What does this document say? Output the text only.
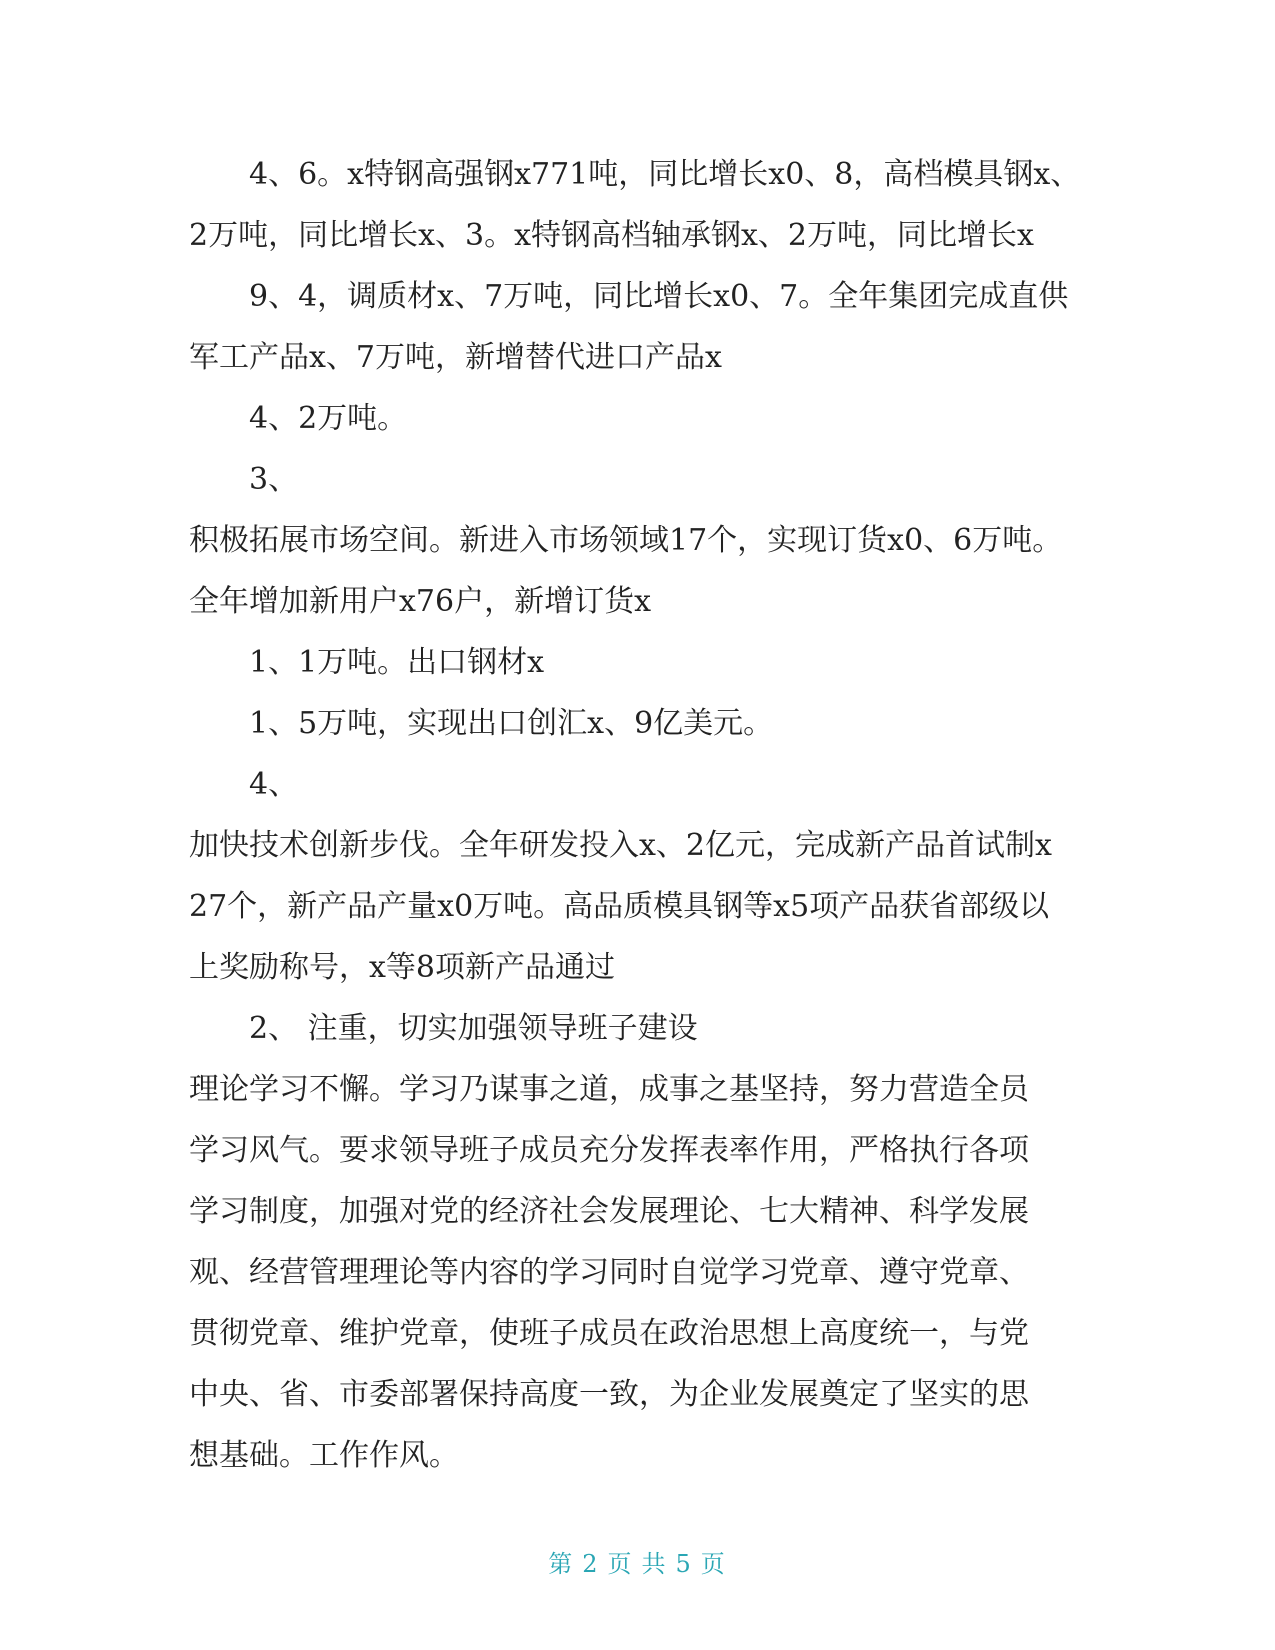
4、6。x特钢高强钢x771吨，同比增长x0、8，高档模具钢x、
2万吨，同比增长x、3。x特钢高档轴承钢x、2万吨，同比增长x
9、4，调质材x、7万吨，同比增长x0、7。全年集团完成直供
军工产品x、7万吨，新增替代进口产品x
4、2万吨。
3、
积极拓展市场空间。新进入市场领域17个，实现订货x0、6万吨。
全年增加新用户x76户，新增订货x
1、1万吨。出口钢材x
1、5万吨，实现出口创汇x、9亿美元。
4、
加快技术创新步伐。全年研发投入x、2亿元，完成新产品首试制x
27个，新产品产量x0万吨。高品质模具钢等x5项产品获省部级以
上奖励称号，x等8项新产品通过
2、 注重，切实加强领导班子建设
理论学习不懈。学习乃谋事之道，成事之基坚持，努力营造全员
学习风气。要求领导班子成员充分发挥表率作用，严格执行各项
学习制度，加强对党的经济社会发展理论、七大精神、科学发展
观、经营管理理论等内容的学习同时自觉学习党章、遵守党章、
贯彻党章、维护党章，使班子成员在政治思想上高度统一，与党
中央、省、市委部署保持高度一致，为企业发展奠定了坚实的思
想基础。工作作风。
第 2 页 共 5 页
